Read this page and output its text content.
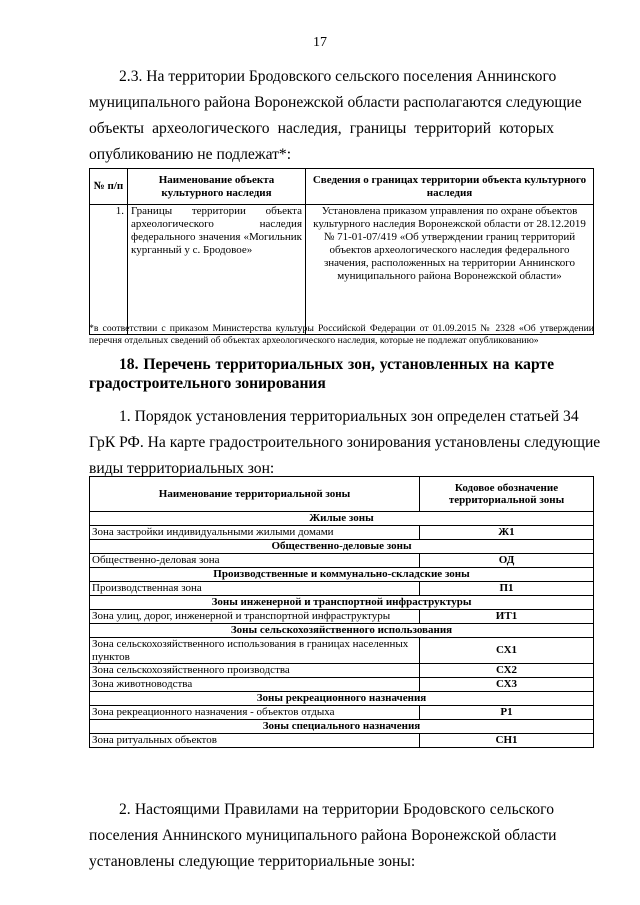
17
2.3. На территории Бродовского сельского поселения Аннинского
муниципального района Воронежской области располагаются следующие
объекты археологического наследия, границы территорий которых
опубликованию не подлежат*:
№ п/п	Наименование объекта культурного наследия	Сведения о границах территории объекта культурного наследия
1.	Границы территории объекта археологического наследия федерального значения «Могильник курганный у с. Бродовое»	Установлена приказом управления по охране объектов культурного наследия Воронежской области от 28.12.2019 № 71-01-07/419 «Об утверждении границ территорий объектов археологического наследия федерального значения, расположенных на территории Аннинского муниципального района Воронежской области»
*в соответствии с приказом Министерства культуры Российской Федерации от 01.09.2015 № 2328 «Об утверждении перечня отдельных сведений об объектах археологического наследия, которые не подлежат опубликованию»
18. Перечень территориальных зон, установленных на карте
градостроительного зонирования
1. Порядок установления территориальных зон определен статьей 34
ГрК РФ. На карте градостроительного зонирования установлены следующие
виды территориальных зон:
Наименование территориальной зоны	Кодовое обозначение территориальной зоны
Жилые зоны	
Зона застройки индивидуальными жилыми домами	Ж1
Общественно-деловые зоны	
Общественно-деловая зона	ОД
Производственные и коммунально-складские зоны	
Производственная зона	П1
Зоны инженерной и транспортной инфраструктуры	
Зона улиц, дорог, инженерной и транспортной инфраструктуры	ИТ1
Зоны сельскохозяйственного использования	
Зона сельскохозяйственного использования в границах населенных пунктов	СХ1
Зона сельскохозяйственного производства	СХ2
Зона животноводства	СХ3
Зоны рекреационного назначения	
Зона рекреационного назначения - объектов отдыха	Р1
Зоны специального назначения	
Зона ритуальных объектов	СН1
2. Настоящими Правилами на территории Бродовского сельского
поселения Аннинского муниципального района Воронежской области
установлены следующие территориальные зоны:
